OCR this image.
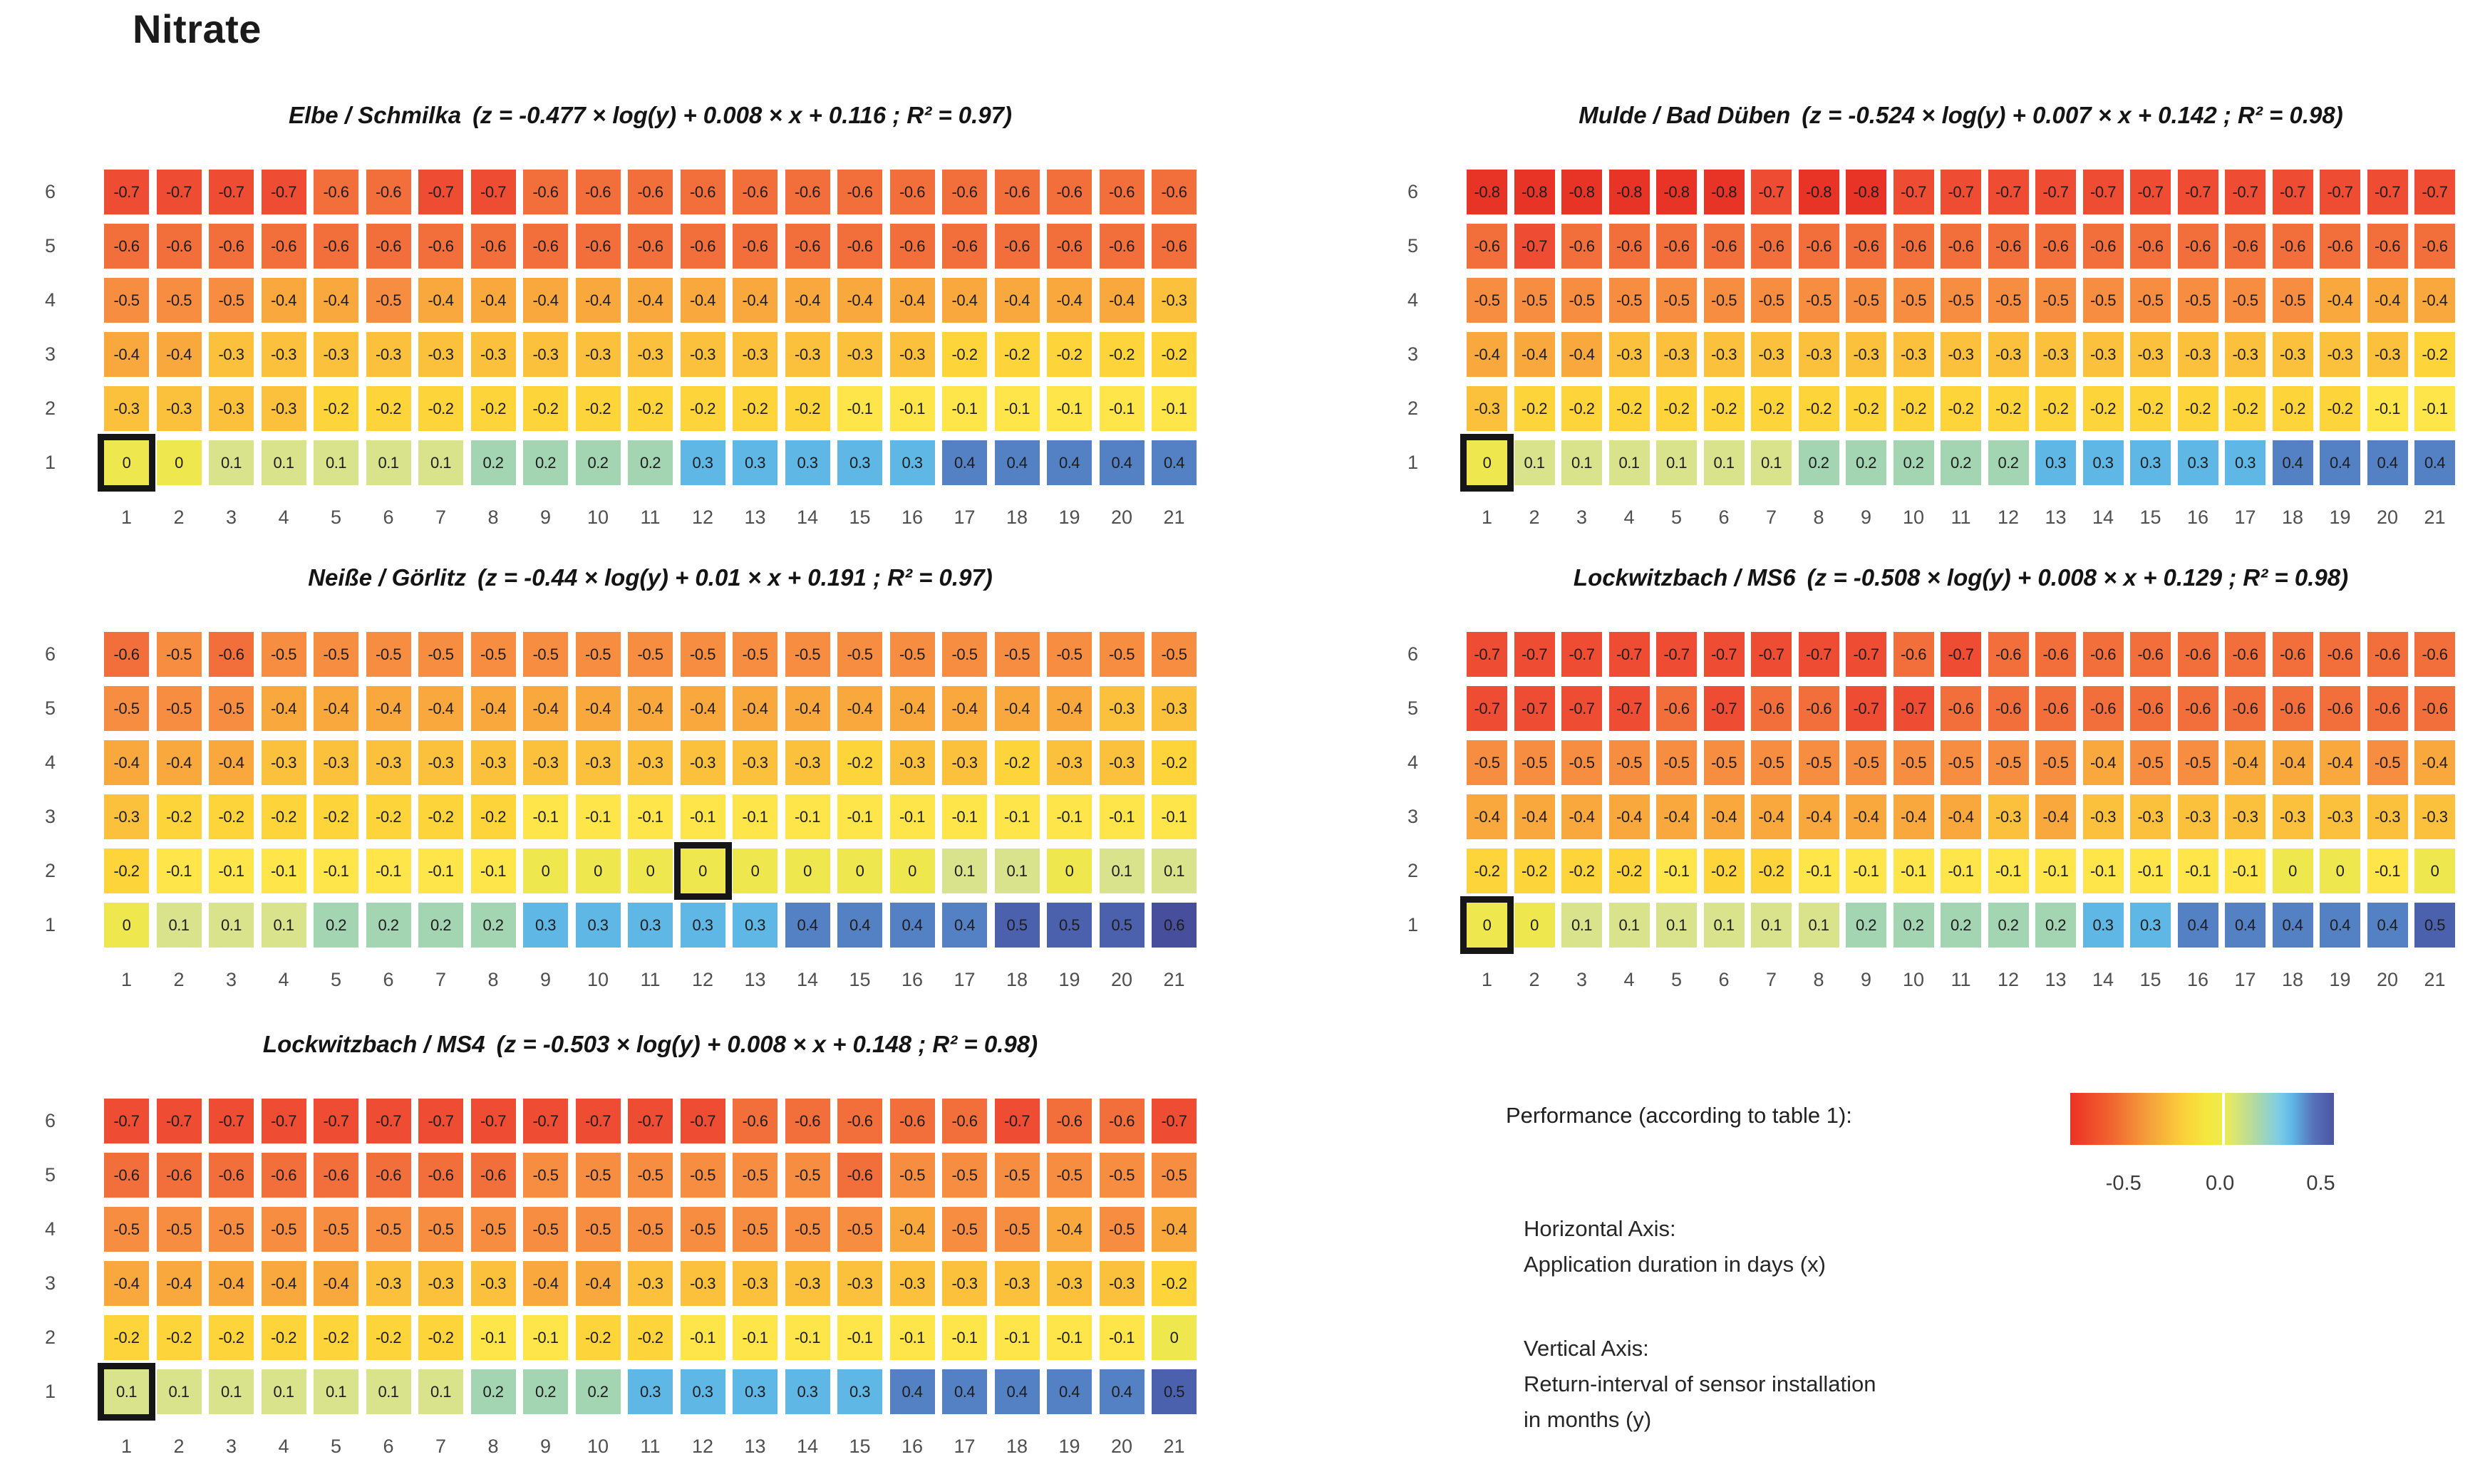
Nitrate
Elbe / Schmilka (z = -0.477 × log(y) + 0.008 × x + 0.116 ; R² = 0.97)
6	-0.7	-0.7	-0.7	-0.7	-0.6	-0.6	-0.7	-0.7	-0.6	-0.6	-0.6	-0.6	-0.6	-0.6	-0.6	-0.6	-0.6	-0.6	-0.6	-0.6	-0.6
5	-0.6	-0.6	-0.6	-0.6	-0.6	-0.6	-0.6	-0.6	-0.6	-0.6	-0.6	-0.6	-0.6	-0.6	-0.6	-0.6	-0.6	-0.6	-0.6	-0.6	-0.6
4	-0.5	-0.5	-0.5	-0.4	-0.4	-0.5	-0.4	-0.4	-0.4	-0.4	-0.4	-0.4	-0.4	-0.4	-0.4	-0.4	-0.4	-0.4	-0.4	-0.4	-0.3
3	-0.4	-0.4	-0.3	-0.3	-0.3	-0.3	-0.3	-0.3	-0.3	-0.3	-0.3	-0.3	-0.3	-0.3	-0.3	-0.3	-0.2	-0.2	-0.2	-0.2	-0.2
2	-0.3	-0.3	-0.3	-0.3	-0.2	-0.2	-0.2	-0.2	-0.2	-0.2	-0.2	-0.2	-0.2	-0.2	-0.1	-0.1	-0.1	-0.1	-0.1	-0.1	-0.1
1	0	0	0.1	0.1	0.1	0.1	0.1	0.2	0.2	0.2	0.2	0.3	0.3	0.3	0.3	0.3	0.4	0.4	0.4	0.4	0.4
1	2	3	4	5	6	7	8	9	10	11	12	13	14	15	16	17	18	19	20	21
Mulde / Bad Düben (z = -0.524 × log(y) + 0.007 × x + 0.142 ; R² = 0.98)
6	-0.8	-0.8	-0.8	-0.8	-0.8	-0.8	-0.7	-0.8	-0.8	-0.7	-0.7	-0.7	-0.7	-0.7	-0.7	-0.7	-0.7	-0.7	-0.7	-0.7	-0.7
5	-0.6	-0.7	-0.6	-0.6	-0.6	-0.6	-0.6	-0.6	-0.6	-0.6	-0.6	-0.6	-0.6	-0.6	-0.6	-0.6	-0.6	-0.6	-0.6	-0.6	-0.6
4	-0.5	-0.5	-0.5	-0.5	-0.5	-0.5	-0.5	-0.5	-0.5	-0.5	-0.5	-0.5	-0.5	-0.5	-0.5	-0.5	-0.5	-0.5	-0.4	-0.4	-0.4
3	-0.4	-0.4	-0.4	-0.3	-0.3	-0.3	-0.3	-0.3	-0.3	-0.3	-0.3	-0.3	-0.3	-0.3	-0.3	-0.3	-0.3	-0.3	-0.3	-0.3	-0.2
2	-0.3	-0.2	-0.2	-0.2	-0.2	-0.2	-0.2	-0.2	-0.2	-0.2	-0.2	-0.2	-0.2	-0.2	-0.2	-0.2	-0.2	-0.2	-0.2	-0.1	-0.1
1	0	0.1	0.1	0.1	0.1	0.1	0.1	0.2	0.2	0.2	0.2	0.2	0.3	0.3	0.3	0.3	0.3	0.4	0.4	0.4	0.4
1	2	3	4	5	6	7	8	9	10	11	12	13	14	15	16	17	18	19	20	21
Neiße / Görlitz (z = -0.44 × log(y) + 0.01 × x + 0.191 ; R² = 0.97)
6	-0.6	-0.5	-0.6	-0.5	-0.5	-0.5	-0.5	-0.5	-0.5	-0.5	-0.5	-0.5	-0.5	-0.5	-0.5	-0.5	-0.5	-0.5	-0.5	-0.5	-0.5
5	-0.5	-0.5	-0.5	-0.4	-0.4	-0.4	-0.4	-0.4	-0.4	-0.4	-0.4	-0.4	-0.4	-0.4	-0.4	-0.4	-0.4	-0.4	-0.4	-0.3	-0.3
4	-0.4	-0.4	-0.4	-0.3	-0.3	-0.3	-0.3	-0.3	-0.3	-0.3	-0.3	-0.3	-0.3	-0.3	-0.2	-0.3	-0.3	-0.2	-0.3	-0.3	-0.2
3	-0.3	-0.2	-0.2	-0.2	-0.2	-0.2	-0.2	-0.2	-0.1	-0.1	-0.1	-0.1	-0.1	-0.1	-0.1	-0.1	-0.1	-0.1	-0.1	-0.1	-0.1
2	-0.2	-0.1	-0.1	-0.1	-0.1	-0.1	-0.1	-0.1	0	0	0	0	0	0	0	0	0.1	0.1	0	0.1	0.1
1	0	0.1	0.1	0.1	0.2	0.2	0.2	0.2	0.3	0.3	0.3	0.3	0.3	0.4	0.4	0.4	0.4	0.5	0.5	0.5	0.6
1	2	3	4	5	6	7	8	9	10	11	12	13	14	15	16	17	18	19	20	21
Lockwitzbach / MS6 (z = -0.508 × log(y) + 0.008 × x + 0.129 ; R² = 0.98)
6	-0.7	-0.7	-0.7	-0.7	-0.7	-0.7	-0.7	-0.7	-0.7	-0.6	-0.7	-0.6	-0.6	-0.6	-0.6	-0.6	-0.6	-0.6	-0.6	-0.6	-0.6
5	-0.7	-0.7	-0.7	-0.7	-0.6	-0.7	-0.6	-0.6	-0.7	-0.7	-0.6	-0.6	-0.6	-0.6	-0.6	-0.6	-0.6	-0.6	-0.6	-0.6	-0.6
4	-0.5	-0.5	-0.5	-0.5	-0.5	-0.5	-0.5	-0.5	-0.5	-0.5	-0.5	-0.5	-0.5	-0.4	-0.5	-0.5	-0.4	-0.4	-0.4	-0.5	-0.4
3	-0.4	-0.4	-0.4	-0.4	-0.4	-0.4	-0.4	-0.4	-0.4	-0.4	-0.4	-0.3	-0.4	-0.3	-0.3	-0.3	-0.3	-0.3	-0.3	-0.3	-0.3
2	-0.2	-0.2	-0.2	-0.2	-0.1	-0.2	-0.2	-0.1	-0.1	-0.1	-0.1	-0.1	-0.1	-0.1	-0.1	-0.1	-0.1	0	0	-0.1	0
1	0	0	0.1	0.1	0.1	0.1	0.1	0.1	0.2	0.2	0.2	0.2	0.2	0.3	0.3	0.4	0.4	0.4	0.4	0.4	0.5
1	2	3	4	5	6	7	8	9	10	11	12	13	14	15	16	17	18	19	20	21
Lockwitzbach / MS4 (z = -0.503 × log(y) + 0.008 × x + 0.148 ; R² = 0.98)
6	-0.7	-0.7	-0.7	-0.7	-0.7	-0.7	-0.7	-0.7	-0.7	-0.7	-0.7	-0.7	-0.6	-0.6	-0.6	-0.6	-0.6	-0.7	-0.6	-0.6	-0.7
5	-0.6	-0.6	-0.6	-0.6	-0.6	-0.6	-0.6	-0.6	-0.5	-0.5	-0.5	-0.5	-0.5	-0.5	-0.6	-0.5	-0.5	-0.5	-0.5	-0.5	-0.5
4	-0.5	-0.5	-0.5	-0.5	-0.5	-0.5	-0.5	-0.5	-0.5	-0.5	-0.5	-0.5	-0.5	-0.5	-0.5	-0.4	-0.5	-0.5	-0.4	-0.5	-0.4
3	-0.4	-0.4	-0.4	-0.4	-0.4	-0.3	-0.3	-0.3	-0.4	-0.4	-0.3	-0.3	-0.3	-0.3	-0.3	-0.3	-0.3	-0.3	-0.3	-0.3	-0.2
2	-0.2	-0.2	-0.2	-0.2	-0.2	-0.2	-0.2	-0.1	-0.1	-0.2	-0.2	-0.1	-0.1	-0.1	-0.1	-0.1	-0.1	-0.1	-0.1	-0.1	0
1	0.1	0.1	0.1	0.1	0.1	0.1	0.1	0.2	0.2	0.2	0.3	0.3	0.3	0.3	0.3	0.4	0.4	0.4	0.4	0.4	0.5
1	2	3	4	5	6	7	8	9	10	11	12	13	14	15	16	17	18	19	20	21
Performance (according to table 1):
-0.5	0.0	0.5
Horizontal Axis:
Application duration in days (x)
Vertical Axis:
Return-interval of sensor installation
in months (y)
